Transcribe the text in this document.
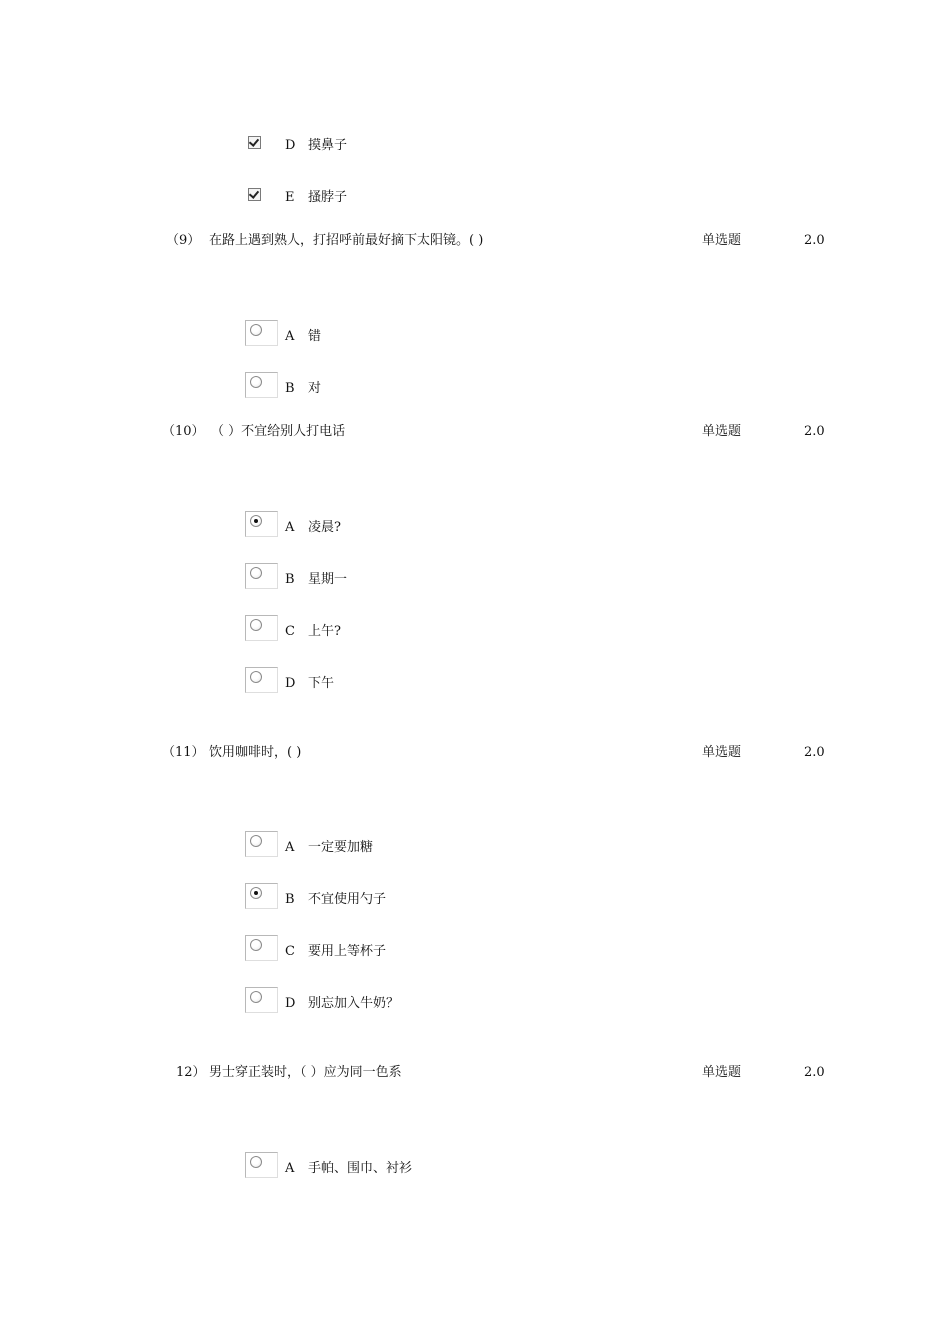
D 摸鼻子
E 搔脖子
（9） 在路上遇到熟人，打招呼前最好摘下太阳镜。( )	单选题	2.0
A 错
B 对
（10） （ ）不宜给别人打电话	单选题	2.0
A 凌晨?
B 星期一
C 上午?
D 下午
（11） 饮用咖啡时，( )	单选题	2.0
A 一定要加糖
B 不宜使用勺子
C 要用上等杯子
D 别忘加入牛奶？
12） 男士穿正装时，（ ）应为同一色系	单选题	2.0
A 手帕、围巾、衬衫
